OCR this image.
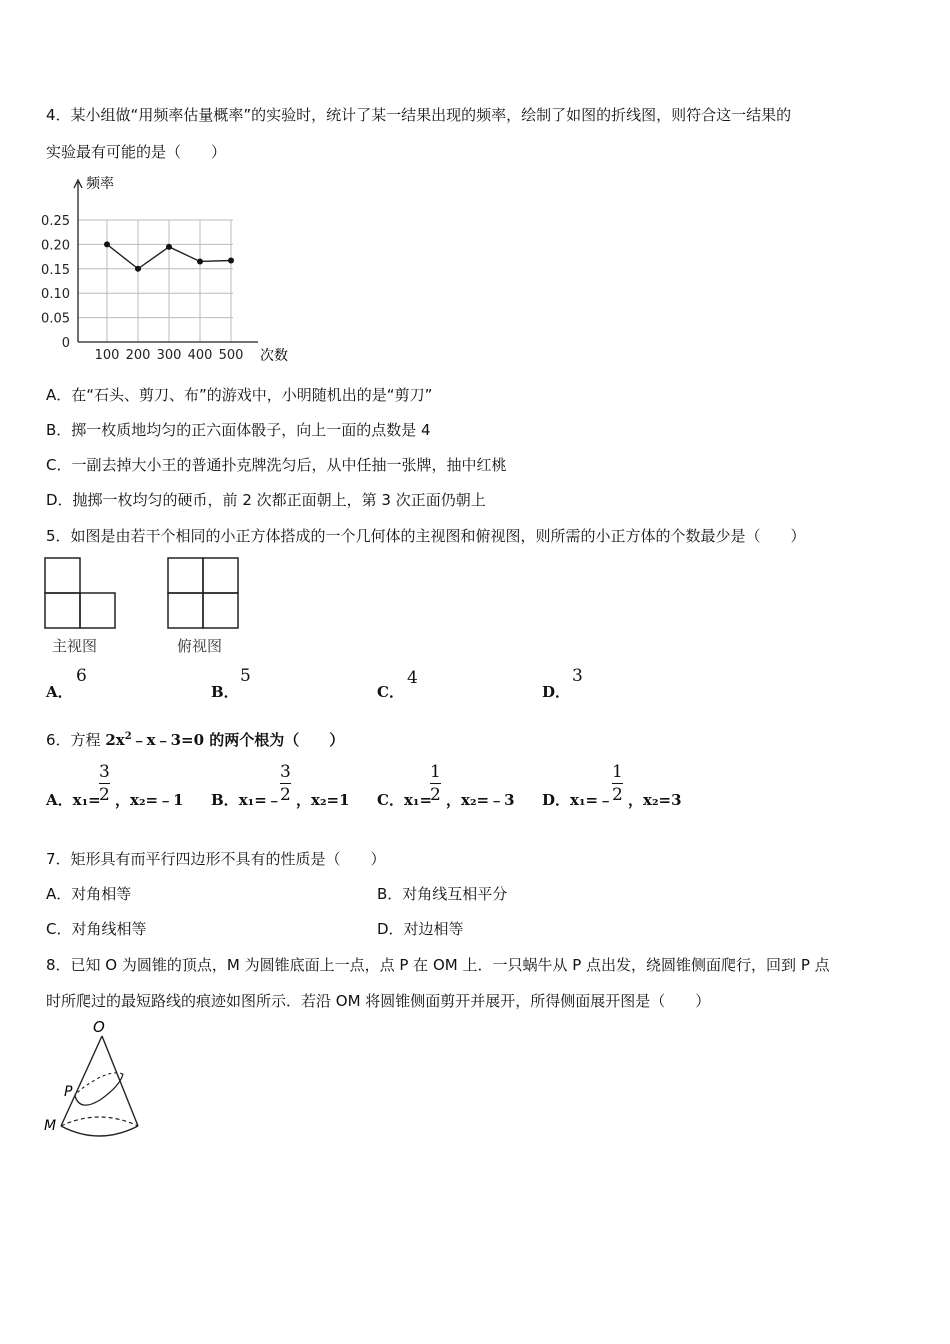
4．某小组做“用频率估量概率”的实验时，统计了某一结果出现的频率，绘制了如图的折线图，则符合这一结果的
实验最有可能的是（　　）
0
0.05
0.10
0.15
0.20
0.25
100 200 300 400 500
频率
次数
A．在“石头、剪刀、布”的游戏中，小明随机出的是“剪刀”
B．掷一枚质地均匀的正六面体骰子，向上一面的点数是 4
C．一副去掉大小王的普通扑克牌洗匀后，从中任抽一张牌，抽中红桃
D．抛掷一枚均匀的硬币，前 2 次都正面朝上，第 3 次正面仍朝上
5．如图是由若干个相同的小正方体搭成的一个几何体的主视图和俯视图，则所需的小正方体的个数最少是（　　）
主视图	俯视图
A．
6
B．
5
C．
4
D．
3
6．方程 $2x^2﹣x﹣3=0$ 的两个根为（　　）
A．x₁=
3
2 ，x₂=﹣1 B．x₁=﹣
3
2 ，x₂=1 C．x₁=
1
2 ，x₂=﹣3 D．x₁=﹣
1
2 ，x₂=3
7．矩形具有而平行四边形不具有的性质是（　　）
A．对角相等	B．对角线互相平分
C．对角线相等	D．对边相等
8．已知 O 为圆锥的顶点，M 为圆锥底面上一点，点 P 在 OM 上．一只蜗牛从 P 点出发，绕圆锥侧面爬行，回到 P 点
时所爬过的最短路线的痕迹如图所示．若沿 OM 将圆锥侧面剪开并展开，所得侧面展开图是（　　）
O
P
M
